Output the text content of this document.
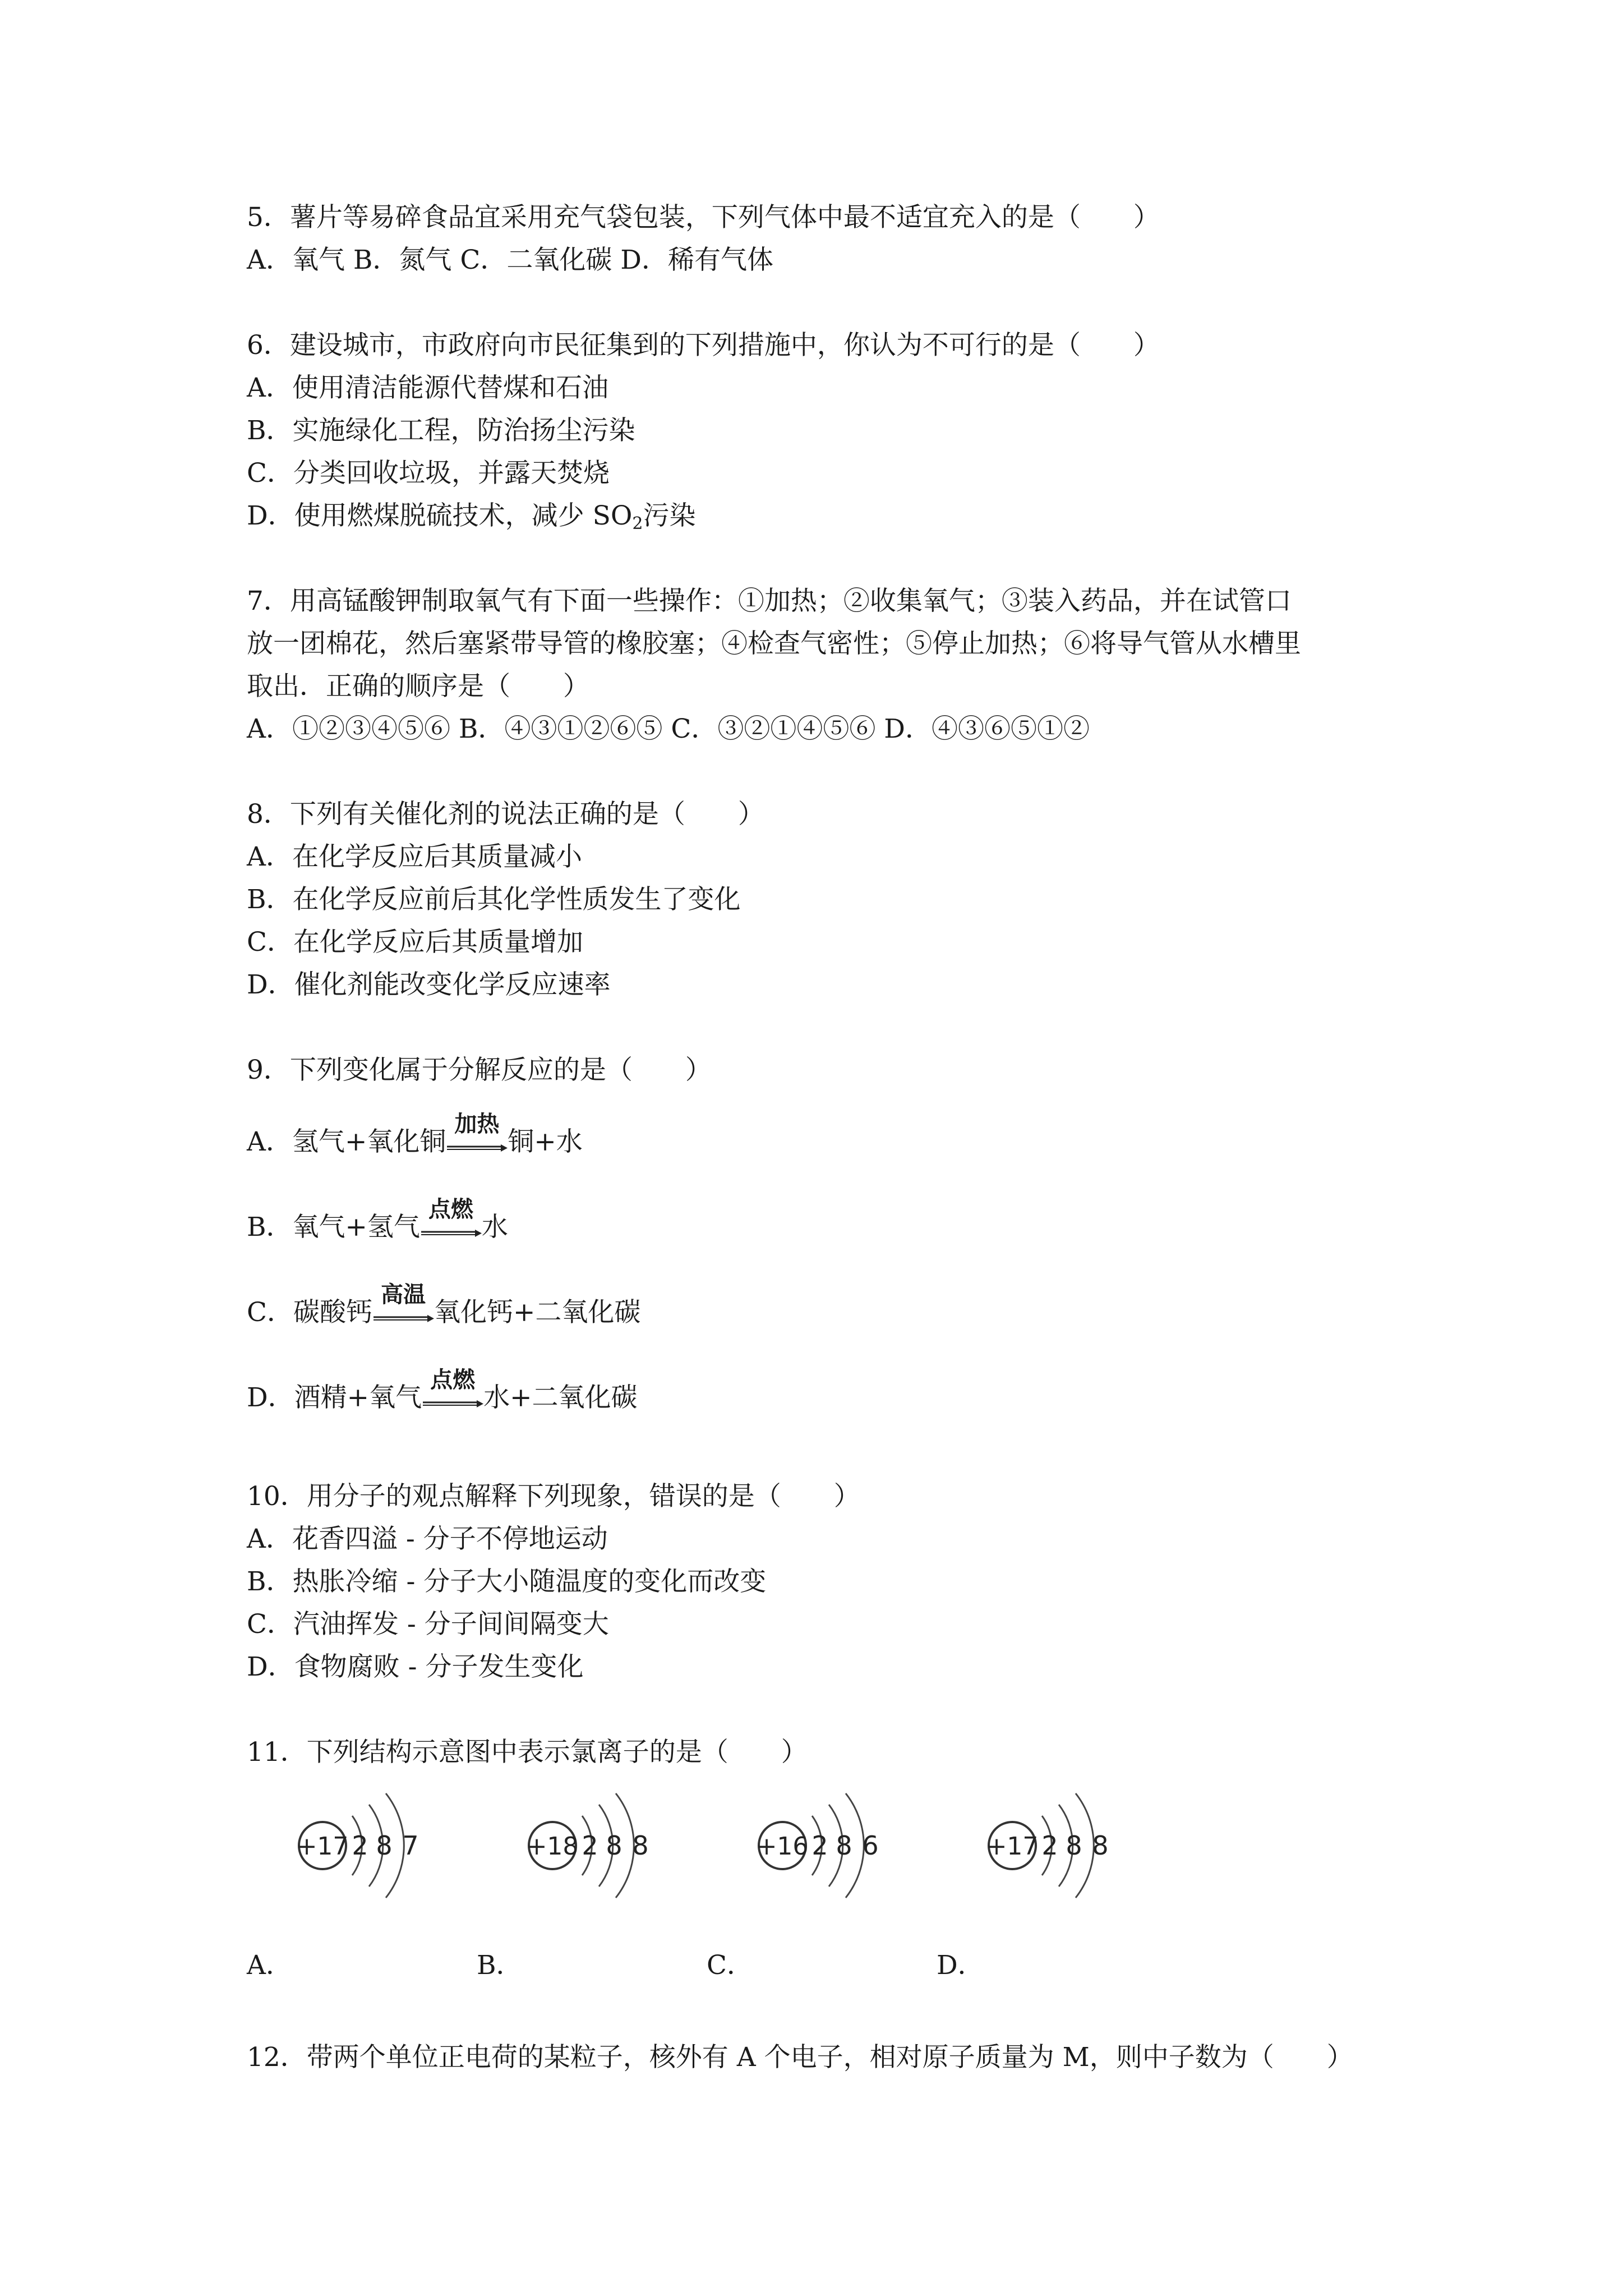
5．薯片等易碎食品宜采用充气袋包装，下列气体中最不适宜充入的是（　　）
A．氧气 B．氮气 C．二氧化碳 D．稀有气体
6．建设城市，市政府向市民征集到的下列措施中，你认为不可行的是（　　）
A．使用清洁能源代替煤和石油
B．实施绿化工程，防治扬尘污染
C．分类回收垃圾，并露天焚烧
D．使用燃煤脱硫技术，减少 $SO_2$污染
7．用高锰酸钾制取氧气有下面一些操作：①加热；②收集氧气；③装入药品，并在试管口
放一团棉花，然后塞紧带导管的橡胶塞；④检查气密性；⑤停止加热；⑥将导气管从水槽里
取出．正确的顺序是（　　）
A．①②③④⑤⑥ B．④③①②⑥⑤ C．③②①④⑤⑥ D．④③⑥⑤①②
8．下列有关催化剂的说法正确的是（　　）
A．在化学反应后其质量减小
B．在化学反应前后其化学性质发生了变化
C．在化学反应后其质量增加
D．催化剂能改变化学反应速率
9．下列变化属于分解反应的是（　　）
A．氢气+氧化铜
加热
铜+水
B．氧气+氢气
点燃
水
C．碳酸钙
高温
氧化钙+二氧化碳
D．酒精+氧气
点燃
水+二氧化碳
10．用分子的观点解释下列现象，错误的是（　　）
A．花香四溢 - 分子不停地运动
B．热胀冷缩 - 分子大小随温度的变化而改变
C．汽油挥发 - 分子间间隔变大
D．食物腐败 - 分子发生变化
11．下列结构示意图中表示氯离子的是（　　）
+17 2 8 7	+18 2 8 8	+16 2 8 6	+17 2 8 8
A．	B．	C．	D．
12．带两个单位正电荷的某粒子，核外有 A 个电子，相对原子质量为 M，则中子数为（　　）
